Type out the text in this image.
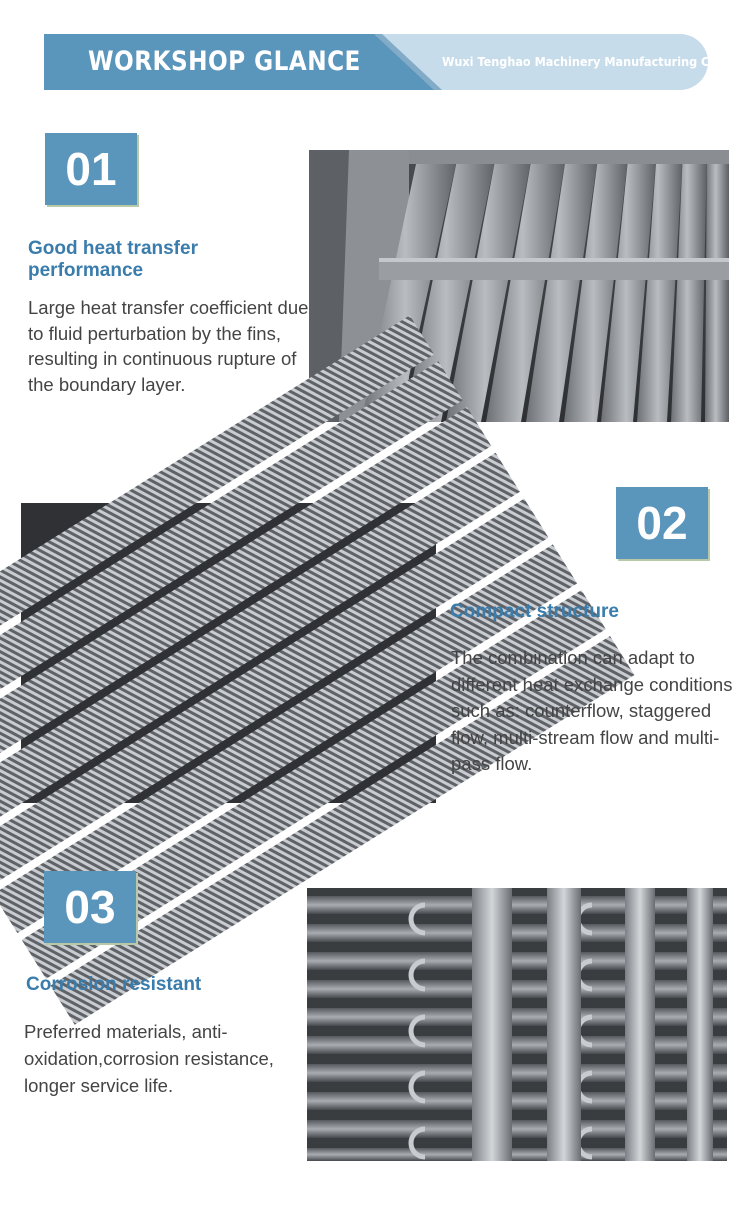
WORKSHOP GLANCE	Wuxi Tenghao Machinery Manufacturing Co., Ltd.
01
Good heat transfer performance
Large heat transfer coefficient due to fluid perturbation by the fins, resulting in continuous rupture of the boundary layer.
02
Compact structure
The combination can adapt to different heat exchange conditions such as: counterflow, staggered flow, multi-stream flow and multi-pass flow.
03
Corrosion resistant
Preferred materials, anti-oxidation,corrosion resistance, longer service life.
